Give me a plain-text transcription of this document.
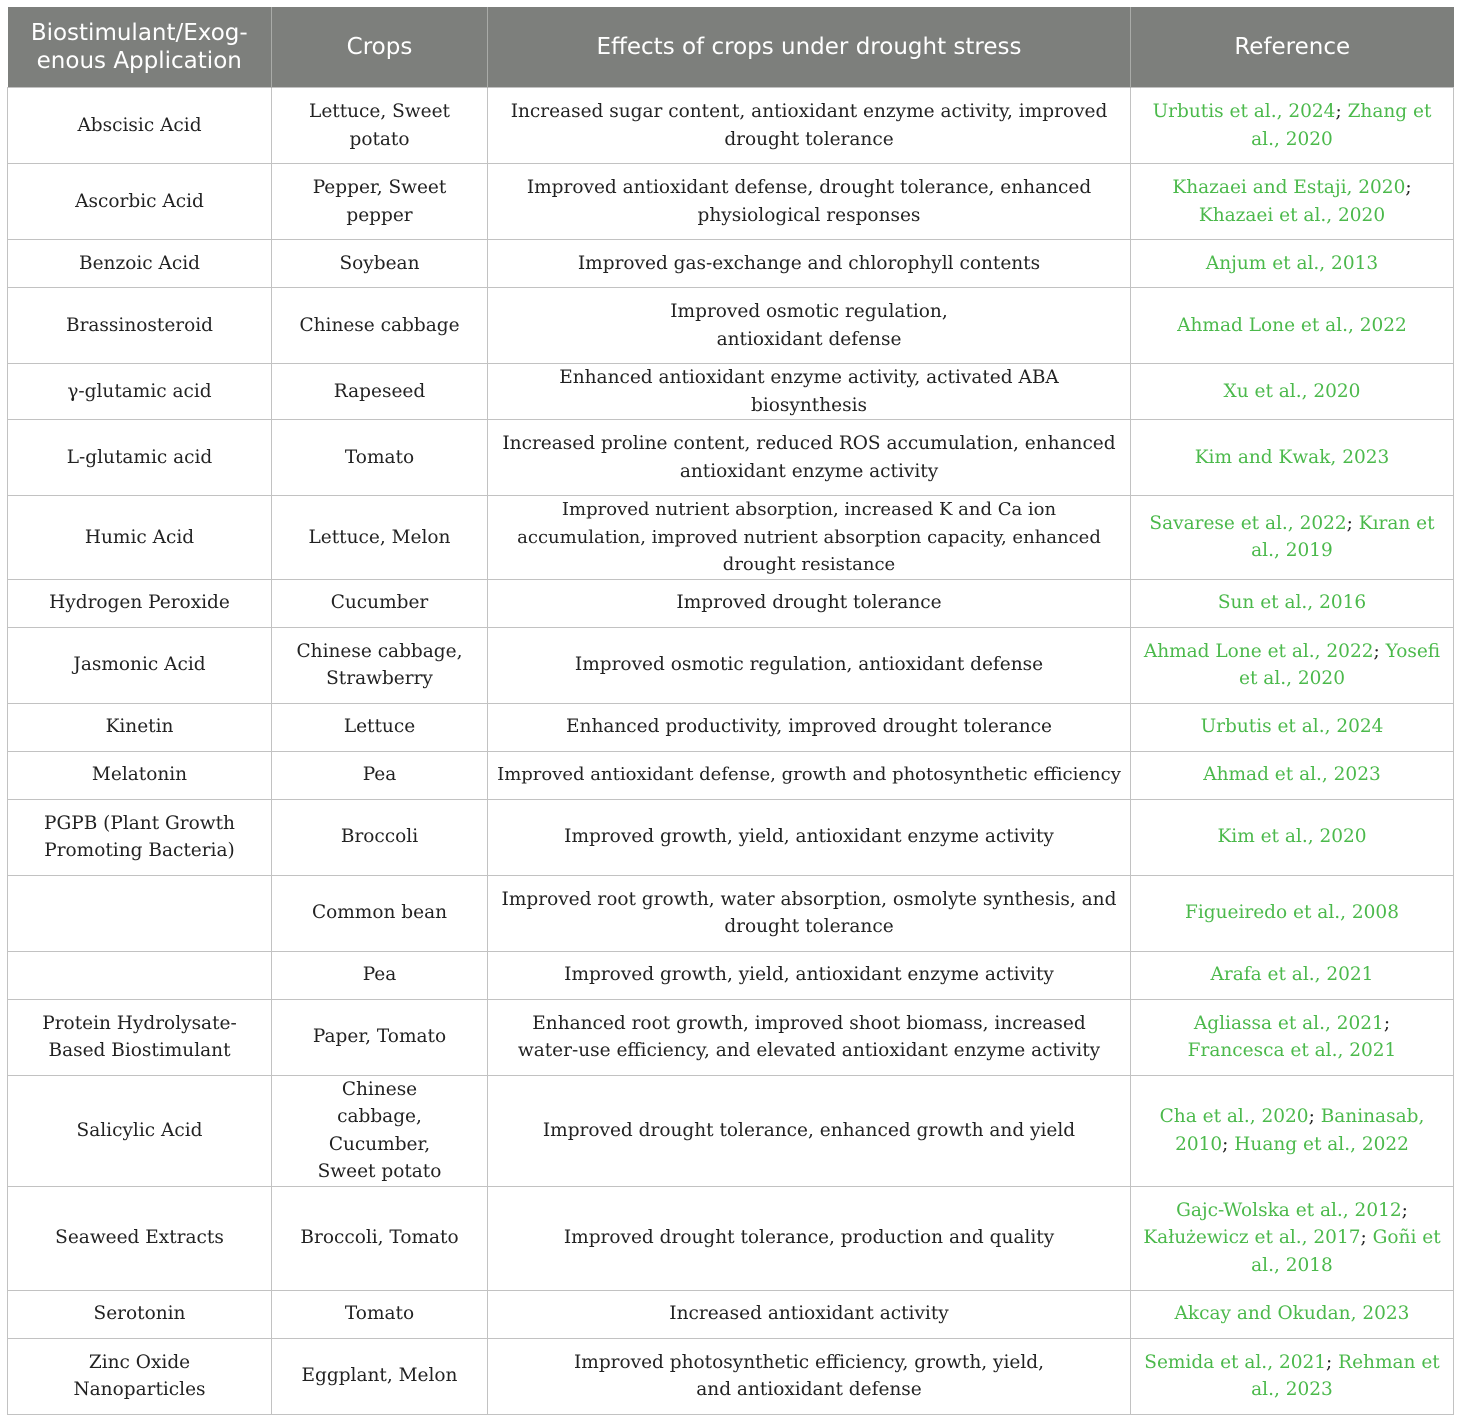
Biostimulant/Exog-enous Application	Crops	Effects of crops under drought stress	Reference
Abscisic Acid	Lettuce, Sweet potato	Increased sugar content, antioxidant enzyme activity, improved drought tolerance	Urbutis et al., 2024; Zhang et al., 2020
Ascorbic Acid	Pepper, Sweet pepper	Improved antioxidant defense, drought tolerance, enhanced physiological responses	Khazaei and Estaji, 2020; Khazaei et al., 2020
Benzoic Acid	Soybean	Improved gas-exchange and chlorophyll contents	Anjum et al., 2013
Brassinosteroid	Chinese cabbage	Improved osmotic regulation, antioxidant defense	Ahmad Lone et al., 2022
γ-glutamic acid	Rapeseed	Enhanced antioxidant enzyme activity, activated ABA biosynthesis	Xu et al., 2020
L-glutamic acid	Tomato	Increased proline content, reduced ROS accumulation, enhanced antioxidant enzyme activity	Kim and Kwak, 2023
Humic Acid	Lettuce, Melon	Improved nutrient absorption, increased K and Ca ion accumulation, improved nutrient absorption capacity, enhanced drought resistance	Savarese et al., 2022; Kıran et al., 2019
Hydrogen Peroxide	Cucumber	Improved drought tolerance	Sun et al., 2016
Jasmonic Acid	Chinese cabbage, Strawberry	Improved osmotic regulation, antioxidant defense	Ahmad Lone et al., 2022; Yosefi et al., 2020
Kinetin	Lettuce	Enhanced productivity, improved drought tolerance	Urbutis et al., 2024
Melatonin	Pea	Improved antioxidant defense, growth and photosynthetic efficiency	Ahmad et al., 2023
PGPB (Plant Growth Promoting Bacteria)	Broccoli	Improved growth, yield, antioxidant enzyme activity	Kim et al., 2020
	Common bean	Improved root growth, water absorption, osmolyte synthesis, and drought tolerance	Figueiredo et al., 2008
	Pea	Improved growth, yield, antioxidant enzyme activity	Arafa et al., 2021
Protein Hydrolysate-Based Biostimulant	Paper, Tomato	Enhanced root growth, improved shoot biomass, increased water-use efficiency, and elevated antioxidant enzyme activity	Agliassa et al., 2021; Francesca et al., 2021
Salicylic Acid	Chinese cabbage, Cucumber, Sweet potato	Improved drought tolerance, enhanced growth and yield	Cha et al., 2020; Baninasab, 2010; Huang et al., 2022
Seaweed Extracts	Broccoli, Tomato	Improved drought tolerance, production and quality	Gajc-Wolska et al., 2012; Kałużewicz et al., 2017; Goñi et al., 2018
Serotonin	Tomato	Increased antioxidant activity	Akcay and Okudan, 2023
Zinc Oxide Nanoparticles	Eggplant, Melon	Improved photosynthetic efficiency, growth, yield, and antioxidant defense	Semida et al., 2021; Rehman et al., 2023
